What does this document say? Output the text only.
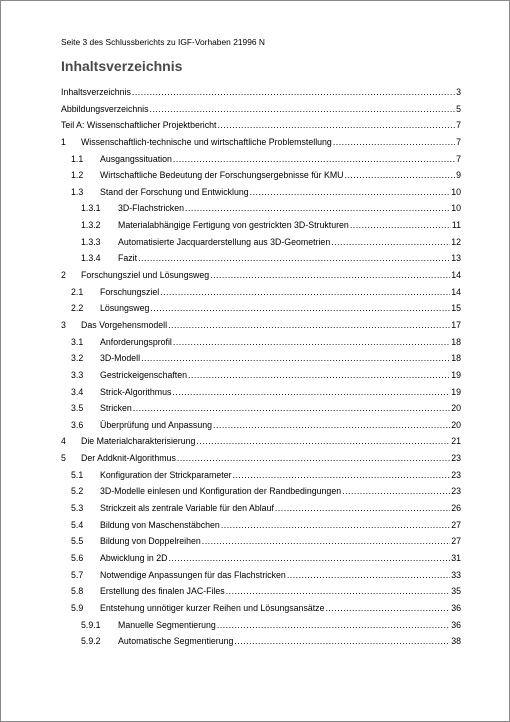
Seite 3 des Schlussberichts zu IGF-Vorhaben 21996 N
Inhaltsverzeichnis
Inhaltsverzeichnis .....	3
Abbildungsverzeichnis .....	5
Teil A: Wissenschaftlicher Projektbericht .....	7
1 Wissenschaftlich-technische und wirtschaftliche Problemstellung .....	7
1.1 Ausgangssituation .....	7
1.2 Wirtschaftliche Bedeutung der Forschungsergebnisse für KMU .....	9
1.3 Stand der Forschung und Entwicklung .....	10
1.3.1 3D-Flachstricken .....	10
1.3.2 Materialabhängige Fertigung von gestrickten 3D-Strukturen .....	11
1.3.3 Automatisierte Jacquarderstellung aus 3D-Geometrien .....	12
1.3.4 Fazit .....	13
2 Forschungsziel und Lösungsweg .....	14
2.1 Forschungsziel .....	14
2.2 Lösungsweg .....	15
3 Das Vorgehensmodell .....	17
3.1 Anforderungsprofil .....	18
3.2 3D-Modell .....	18
3.3 Gestrickeigenschaften .....	19
3.4 Strick-Algorithmus .....	19
3.5 Stricken .....	20
3.6 Überprüfung und Anpassung .....	20
4 Die Materialcharakterisierung .....	21
5 Der Addknit-Algorithmus .....	23
5.1 Konfiguration der Strickparameter .....	23
5.2 3D-Modelle einlesen und Konfiguration der Randbedingungen .....	23
5.3 Strickzeit als zentrale Variable für den Ablauf .....	26
5.4 Bildung von Maschenstäbchen .....	27
5.5 Bildung von Doppelreihen .....	27
5.6 Abwicklung in 2D .....	31
5.7 Notwendige Anpassungen für das Flachstricken .....	33
5.8 Erstellung des finalen JAC-Files .....	35
5.9 Entstehung unnötiger kurzer Reihen und Lösungsansätze .....	36
5.9.1 Manuelle Segmentierung .....	36
5.9.2 Automatische Segmentierung .....	38
